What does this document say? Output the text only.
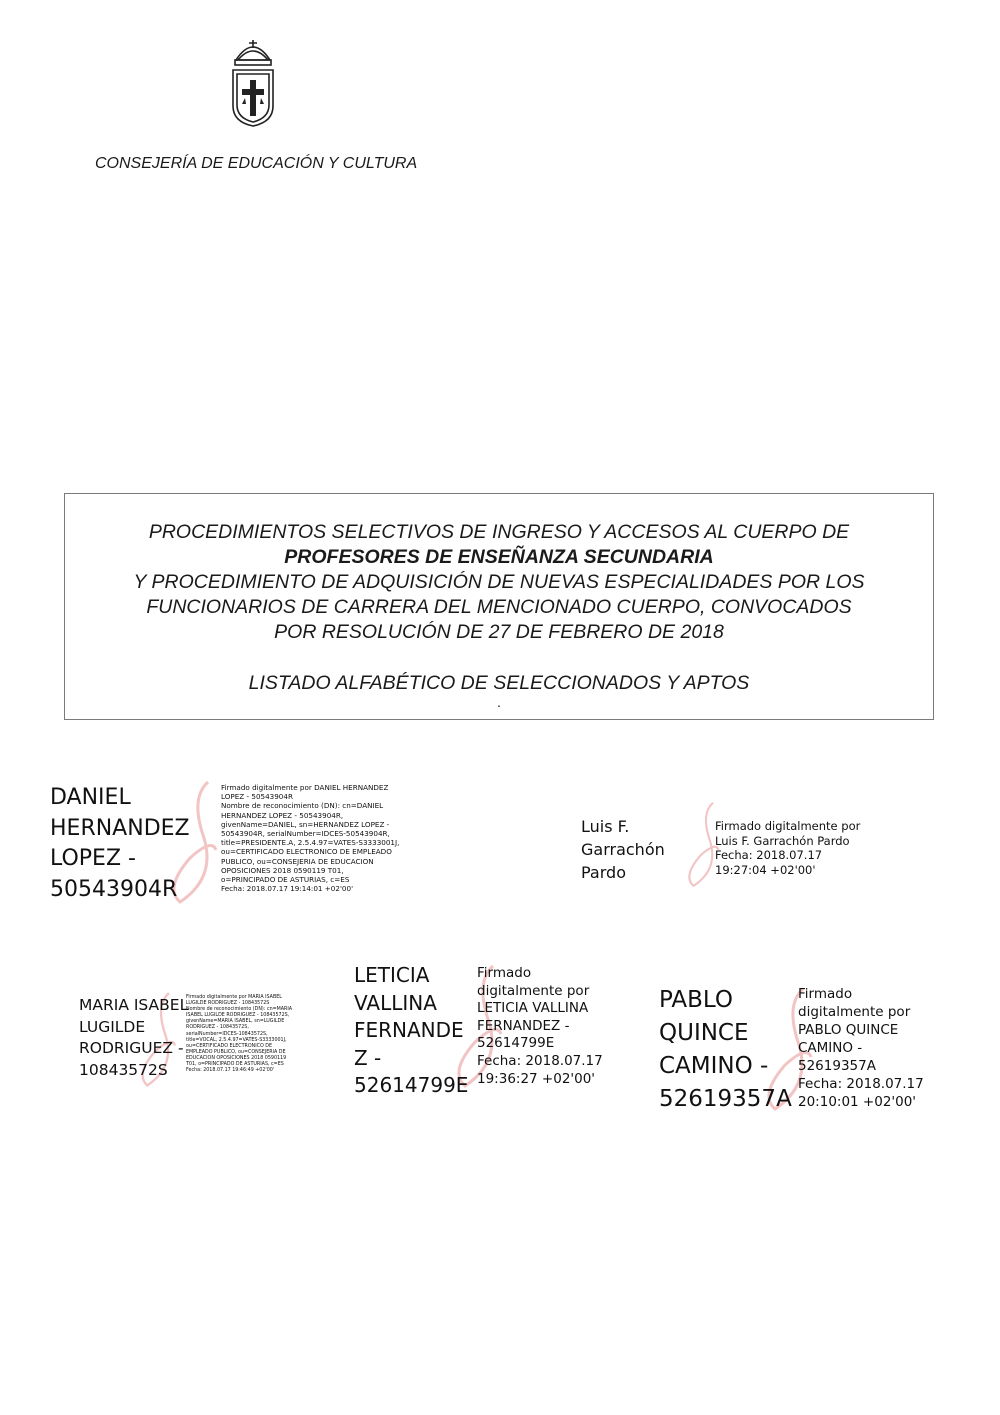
CONSEJERÍA DE EDUCACIÓN Y CULTURA
PROCEDIMIENTOS SELECTIVOS DE INGRESO Y ACCESOS AL CUERPO DE
PROFESORES DE ENSEÑANZA SECUNDARIA
Y PROCEDIMIENTO DE ADQUISICIÓN DE NUEVAS ESPECIALIDADES POR LOS
FUNCIONARIOS DE CARRERA DEL MENCIONADO CUERPO, CONVOCADOS
POR RESOLUCIÓN DE 27 DE FEBRERO DE 2018
LISTADO ALFABÉTICO DE SELECCIONADOS Y APTOS
.
DANIEL
HERNANDEZ
LOPEZ -
50543904R
Firmado digitalmente por DANIEL HERNANDEZ
LOPEZ - 50543904R
Nombre de reconocimiento (DN): cn=DANIEL
HERNANDEZ LOPEZ - 50543904R,
givenName=DANIEL, sn=HERNANDEZ LOPEZ -
50543904R, serialNumber=IDCES-50543904R,
title=PRESIDENTE.A, 2.5.4.97=VATES-S3333001J,
ou=CERTIFICADO ELECTRONICO DE EMPLEADO
PUBLICO, ou=CONSEJERIA DE EDUCACION
OPOSICIONES 2018 0590119 T01,
o=PRINCIPADO DE ASTURIAS, c=ES
Fecha: 2018.07.17 19:14:01 +02'00'
Luis F.
Garrachón
Pardo
Firmado digitalmente por
Luis F. Garrachón Pardo
Fecha: 2018.07.17
19:27:04 +02'00'
MARIA ISABEL
LUGILDE
RODRIGUEZ -
10843572S
Firmado digitalmente por MARIA ISABEL
LUGILDE RODRIGUEZ - 10843572S
Nombre de reconocimiento (DN): cn=MARIA
ISABEL LUGILDE RODRIGUEZ - 10843572S,
givenName=MARIA ISABEL, sn=LUGILDE
RODRIGUEZ - 10843572S,
serialNumber=IDCES-10843572S,
title=VOCAL, 2.5.4.97=VATES-S3333001J,
ou=CERTIFICADO ELECTRONICO DE
EMPLEADO PUBLICO, ou=CONSEJERIA DE
EDUCACION OPOSICIONES 2018 0590119
T01, o=PRINCIPADO DE ASTURIAS, c=ES
Fecha: 2018.07.17 19:46:49 +02'00'
LETICIA
VALLINA
FERNANDE
Z -
52614799E
Firmado
digitalmente por
LETICIA VALLINA
FERNANDEZ -
52614799E
Fecha: 2018.07.17
19:36:27 +02'00'
PABLO
QUINCE
CAMINO -
52619357A
Firmado
digitalmente por
PABLO QUINCE
CAMINO -
52619357A
Fecha: 2018.07.17
20:10:01 +02'00'
